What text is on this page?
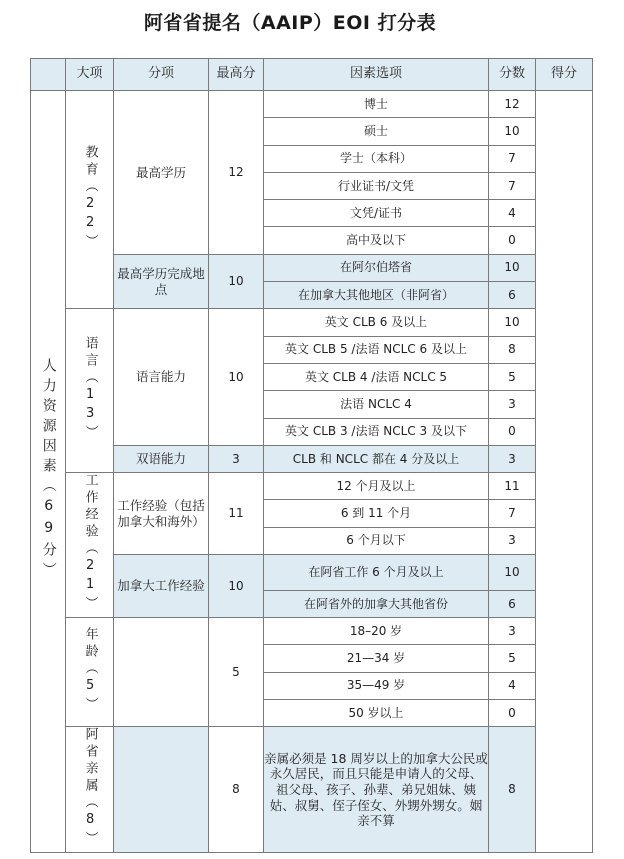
阿省省提名（AAIP）EOI 打分表
	大项	分项	最高分	因素选项	分数	得分
人力资源因素（69分）	教育（22）	最高学历	12	博士	12	
				硕士	10	
				学士（本科）	7	
				行业证书/文凭	7	
				文凭/证书	4	
				高中及以下	0	
		最高学历完成地点	10	在阿尔伯塔省	10	
				在加拿大其他地区（非阿省）	6	
	语言（13）	语言能力	10	英文 CLB 6 及以上	10	
				英文 CLB 5 /法语 NCLC 6 及以上	8	
				英文 CLB 4 /法语 NCLC 5	5	
				法语 NCLC 4	3	
				英文 CLB 3 /法语 NCLC 3 及以下	0	
		双语能力	3	CLB 和 NCLC 都在 4 分及以上	3	
	工作经验（21）	工作经验（包括加拿大和海外）	11	12 个月及以上	11	
				6 到 11 个月	7	
				6 个月以下	3	
		加拿大工作经验	10	在阿省工作 6 个月及以上	10	
				在阿省外的加拿大其他省份	6	
	年龄（5）		5	18–20 岁	3	
				21—34 岁	5	
				35—49 岁	4	
				50 岁以上	0	
	阿省亲属（8）		8	亲属必须是 18 周岁以上的加拿大公民或永久居民，而且只能是申请人的父母、祖父母、孩子、孙辈、弟兄姐妹、姨姑、叔舅、侄子侄女、外甥外甥女。姻亲不算	8	
